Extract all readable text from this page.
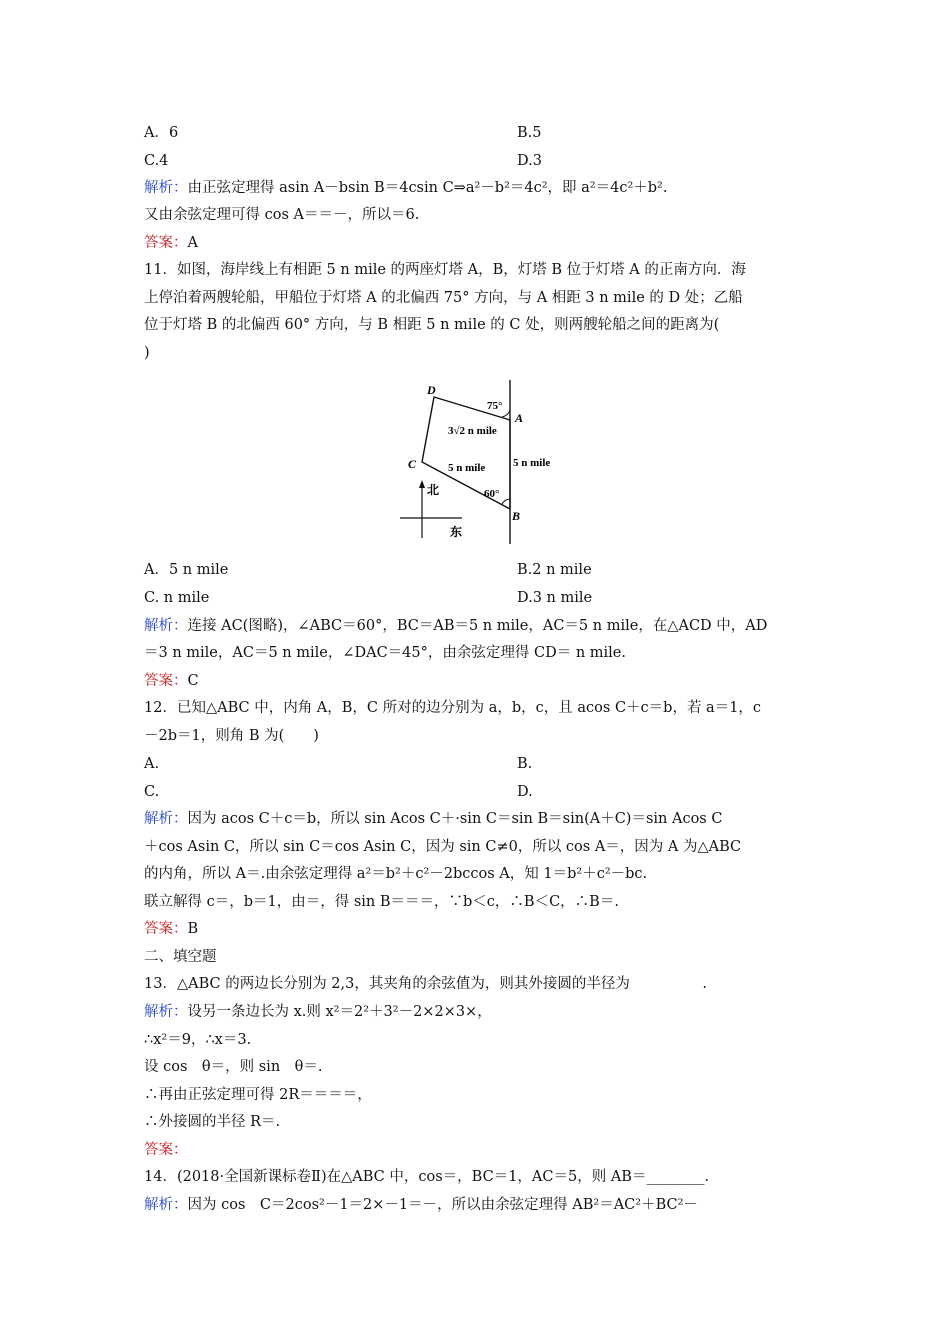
A．6	B.5
C.4	D.3
解析：由正弦定理得 asin A－bsin B＝4csin C⇒a²－b²＝4c²，即 a²＝4c²＋b².
又由余弦定理可得 cos A＝＝－，所以＝6.
答案：A
11．如图，海岸线上有相距 5 n mile 的两座灯塔 A，B，灯塔 B 位于灯塔 A 的正南方向．海
上停泊着两艘轮船，甲船位于灯塔 A 的北偏西 75° 方向，与 A 相距 3 n mile 的 D 处；乙船
位于灯塔 B 的北偏西 60° 方向，与 B 相距 5 n mile 的 C 处，则两艘轮船之间的距离为(
)
D
A
B
C
75°
60°
3√2 n mile
5 n mile	5 n mile
北
东
A．5 n mile	B.2 n mile
C. n mile	D.3 n mile
解析：连接 AC(图略)，∠ABC＝60°，BC＝AB＝5 n mile，AC＝5 n mile，在△ACD 中，AD
＝3 n mile，AC＝5 n mile，∠DAC＝45°，由余弦定理得 CD＝ n mile.
答案：C
12．已知△ABC 中，内角 A，B，C 所对的边分别为 a，b，c，且 acos C＋c＝b，若 a＝1，c
－2b＝1，则角 B 为(　　)
A.	B.
C.	D.
解析：因为 acos C＋c＝b，所以 sin Acos C＋·sin C＝sin B＝sin(A＋C)＝sin Acos C
＋cos Asin C，所以 sin C＝cos Asin C，因为 sin C≠0，所以 cos A＝，因为 A 为△ABC
的内角，所以 A＝.由余弦定理得 a²＝b²＋c²－2bccos A，知 1＝b²＋c²－bc.
联立解得 c＝，b＝1，由＝，得 sin B＝＝＝，∵b＜c，∴B＜C，∴B＝.
答案：B
二、填空题
13．△ABC 的两边长分别为 2,3，其夹角的余弦值为，则其外接圆的半径为　　　　　.
解析：设另一条边长为 x.则 x²＝2²＋3²－2×2×3×，
∴x²＝9，∴x＝3.
设 cos　θ＝，则 sin　θ＝.
∴再由正弦定理可得 2R＝＝＝＝，
∴外接圆的半径 R＝.
答案：
14．(2018·全国新课标卷Ⅱ)在△ABC 中，cos＝，BC＝1，AC＝5，则 AB＝________.
解析：因为 cos　C＝2cos²－1＝2×－1＝－，所以由余弦定理得 AB²＝AC²＋BC²－
